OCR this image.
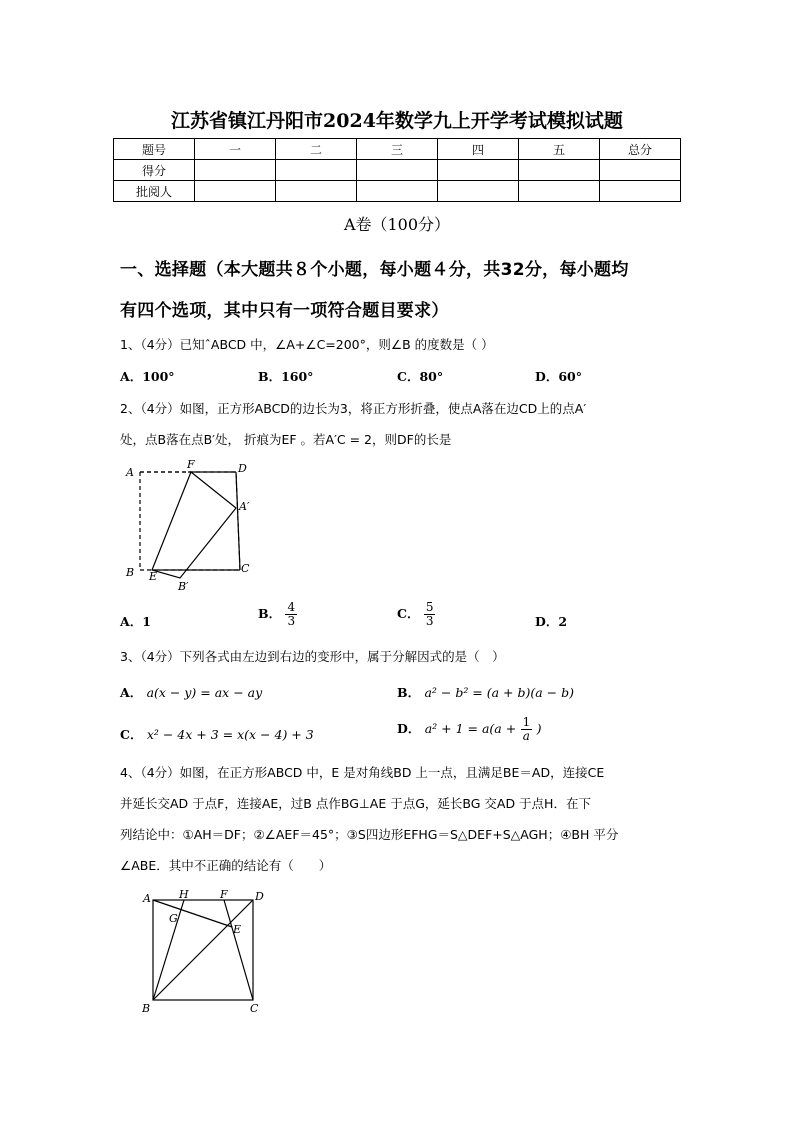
江苏省镇江丹阳市2024年数学九上开学考试模拟试题
题号	一	二	三	四	五	总分
得分						
批阅人						
A卷（100分）
一、选择题（本大题共８个小题，每小题４分，共32分，每小题均
有四个选项，其中只有一项符合题目要求）
1、（4分）已知ˆABCD 中，∠A+∠C=200°，则∠B 的度数是（ ）
A．100°	B．160°	C．80°	D．60°
2、（4分）如图，正方形ABCD的边长为3，将正方形折叠，使点A落在边CD上的点A′
处，点B落在点B′处， 折痕为EF 。若A′C = 2，则DF的长是
A
F	D
A′
B E
B′
C
A．1
B． $\frac{4}{3}$	C． $\frac{5}{3}$	D．2
3、（4分）下列各式由左边到右边的变形中，属于分解因式的是（　）
A． a(x − y) = ax − ay	B． a² − b² = (a + b)(a − b)
C． x² − 4x + 3 = x(x − 4) + 3	D． $a^2 + 1 = a(a + \frac{1}{a}$ )
4、（4分）如图，在正方形ABCD 中，E 是对角线BD 上一点，且满足BE＝AD，连接CE
并延长交AD 于点F，连接AE，过B 点作BG⊥AE 于点G，延长BG 交AD 于点H．在下
列结论中：①AH＝DF；②∠AEF＝45°；③S四边形EFHG＝S△DEF+S△AGH；④BH 平分
∠ABE．其中不正确的结论有（　　）
A	H	F D
G
E
B	C
